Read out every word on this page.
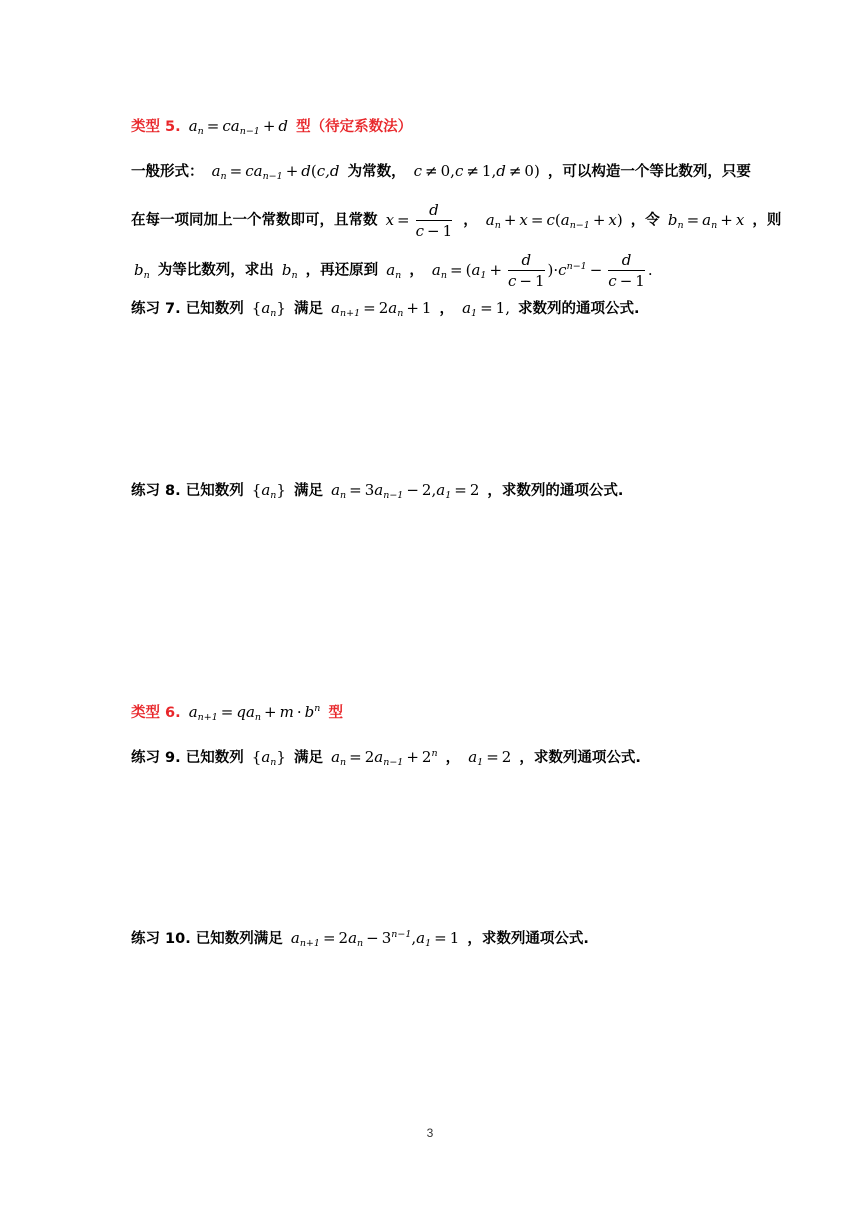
类型 5. $a_n = ca_{n-1} + d$ 型（待定系数法）
一般形式： $a_n = ca_{n-1} + d(c,d$ 为常数， c ≠ 0,c ≠ 1,d ≠ 0) ，可以构造一个等比数列，只要
在每一项同加上一个常数即可，且常数 $x = \frac{d}{c - 1}$ ， $a_n + x = c(a_{n-1} + x)$ ，令 $b_n = a_n + x$ ，则
$b_n$ 为等比数列，求出 $b_n$ ，再还原到 $a_n$ ， $a_n = (a_1 + \frac{d}{c - 1} )\cdot c^{n-1} - \frac{d}{c - 1}$ .
练习 7. 已知数列 $\{a_n\}$ 满足 $a_{n+1} = 2a_n + 1$ ， $a_1 = 1$, 求数列的通项公式.
练习 8. 已知数列 $\{a_n\}$ 满足 $a_n = 3a_{n-1} - 2,a_1 = 2$ ，求数列的通项公式.
类型 6. $a_{n+1} = qa_n + m \cdot b^n$ 型
练习 9. 已知数列 $\{a_n\}$ 满足 $a_n = 2a_{n-1} + 2^n$ ， $a_1 = 2$ ，求数列通项公式.
练习 10. 已知数列满足 $a_{n+1} = 2a_n - 3^{n-1},a_1 = 1$ ，求数列通项公式.
3
